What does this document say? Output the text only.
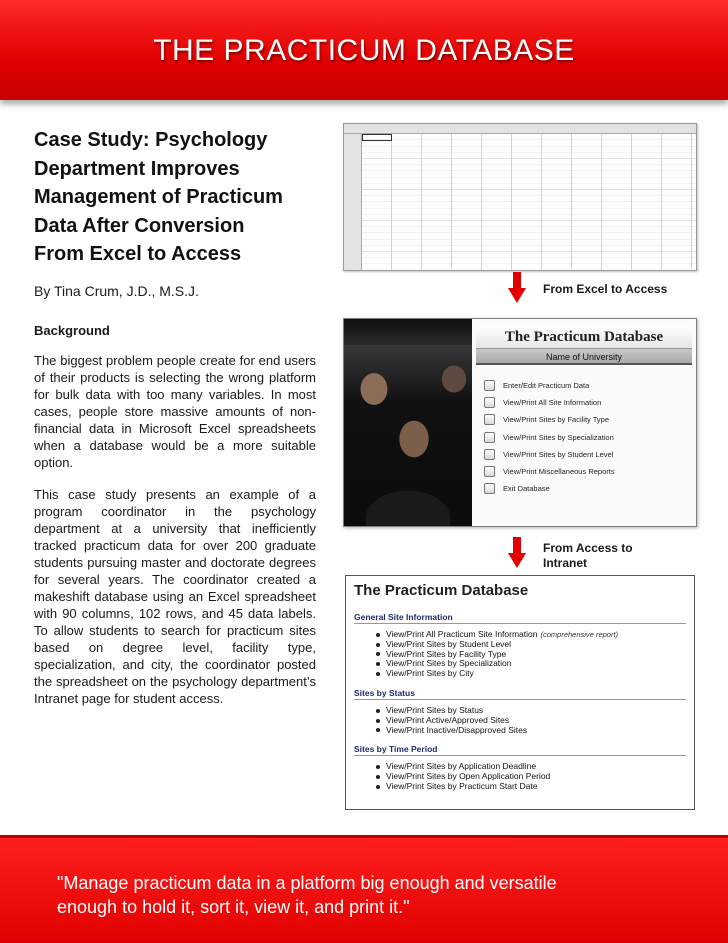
THE PRACTICUM DATABASE
Case Study: Psychology
Department Improves
Management of Practicum
Data After Conversion
From Excel to Access
By Tina Crum, J.D., M.S.J.
Background

The biggest problem people create for end users of their products is selecting the wrong platform for bulk data with too many variables. In most cases, people store massive amounts of non-financial data in Microsoft Excel spreadsheets when a database would be a more suitable option.

This case study presents an example of a program coordinator in the psychology department at a university that inefficiently tracked practicum data for over 200 graduate students pursuing master and doctorate degrees for several years. The coordinator created a makeshift database using an Excel spreadsheet with 90 columns, 102 rows, and 45 data labels. To allow students to search for practicum sites based on degree level, facility type, specialization, and city, the coordinator posted the spreadsheet on the psychology department’s Intranet page for student access.

From Excel to Access
The Practicum Database
Name of University
Enter/Edit Practicum Data
View/Print All Site Information
View/Print Sites by Facility Type
View/Print Sites by Specialization
View/Print Sites by Student Level
View/Print Miscellaneous Reports
Exit Database
From Access to Intranet
The Practicum Database
General Site Information
View/Print All Practicum Site Information (comprehensive report)
View/Print Sites by Student Level
View/Print Sites by Facility Type
View/Print Sites by Specialization
View/Print Sites by City
Sites by Status
View/Print Sites by Status
View/Print Active/Approved Sites
View/Print Inactive/Disapproved Sites
Sites by Time Period
View/Print Sites by Application Deadline
View/Print Sites by Open Application Period
View/Print Sites by Practicum Start Date
"Manage practicum data in a platform big enough and versatile
enough to hold it, sort it, view it, and print it."
